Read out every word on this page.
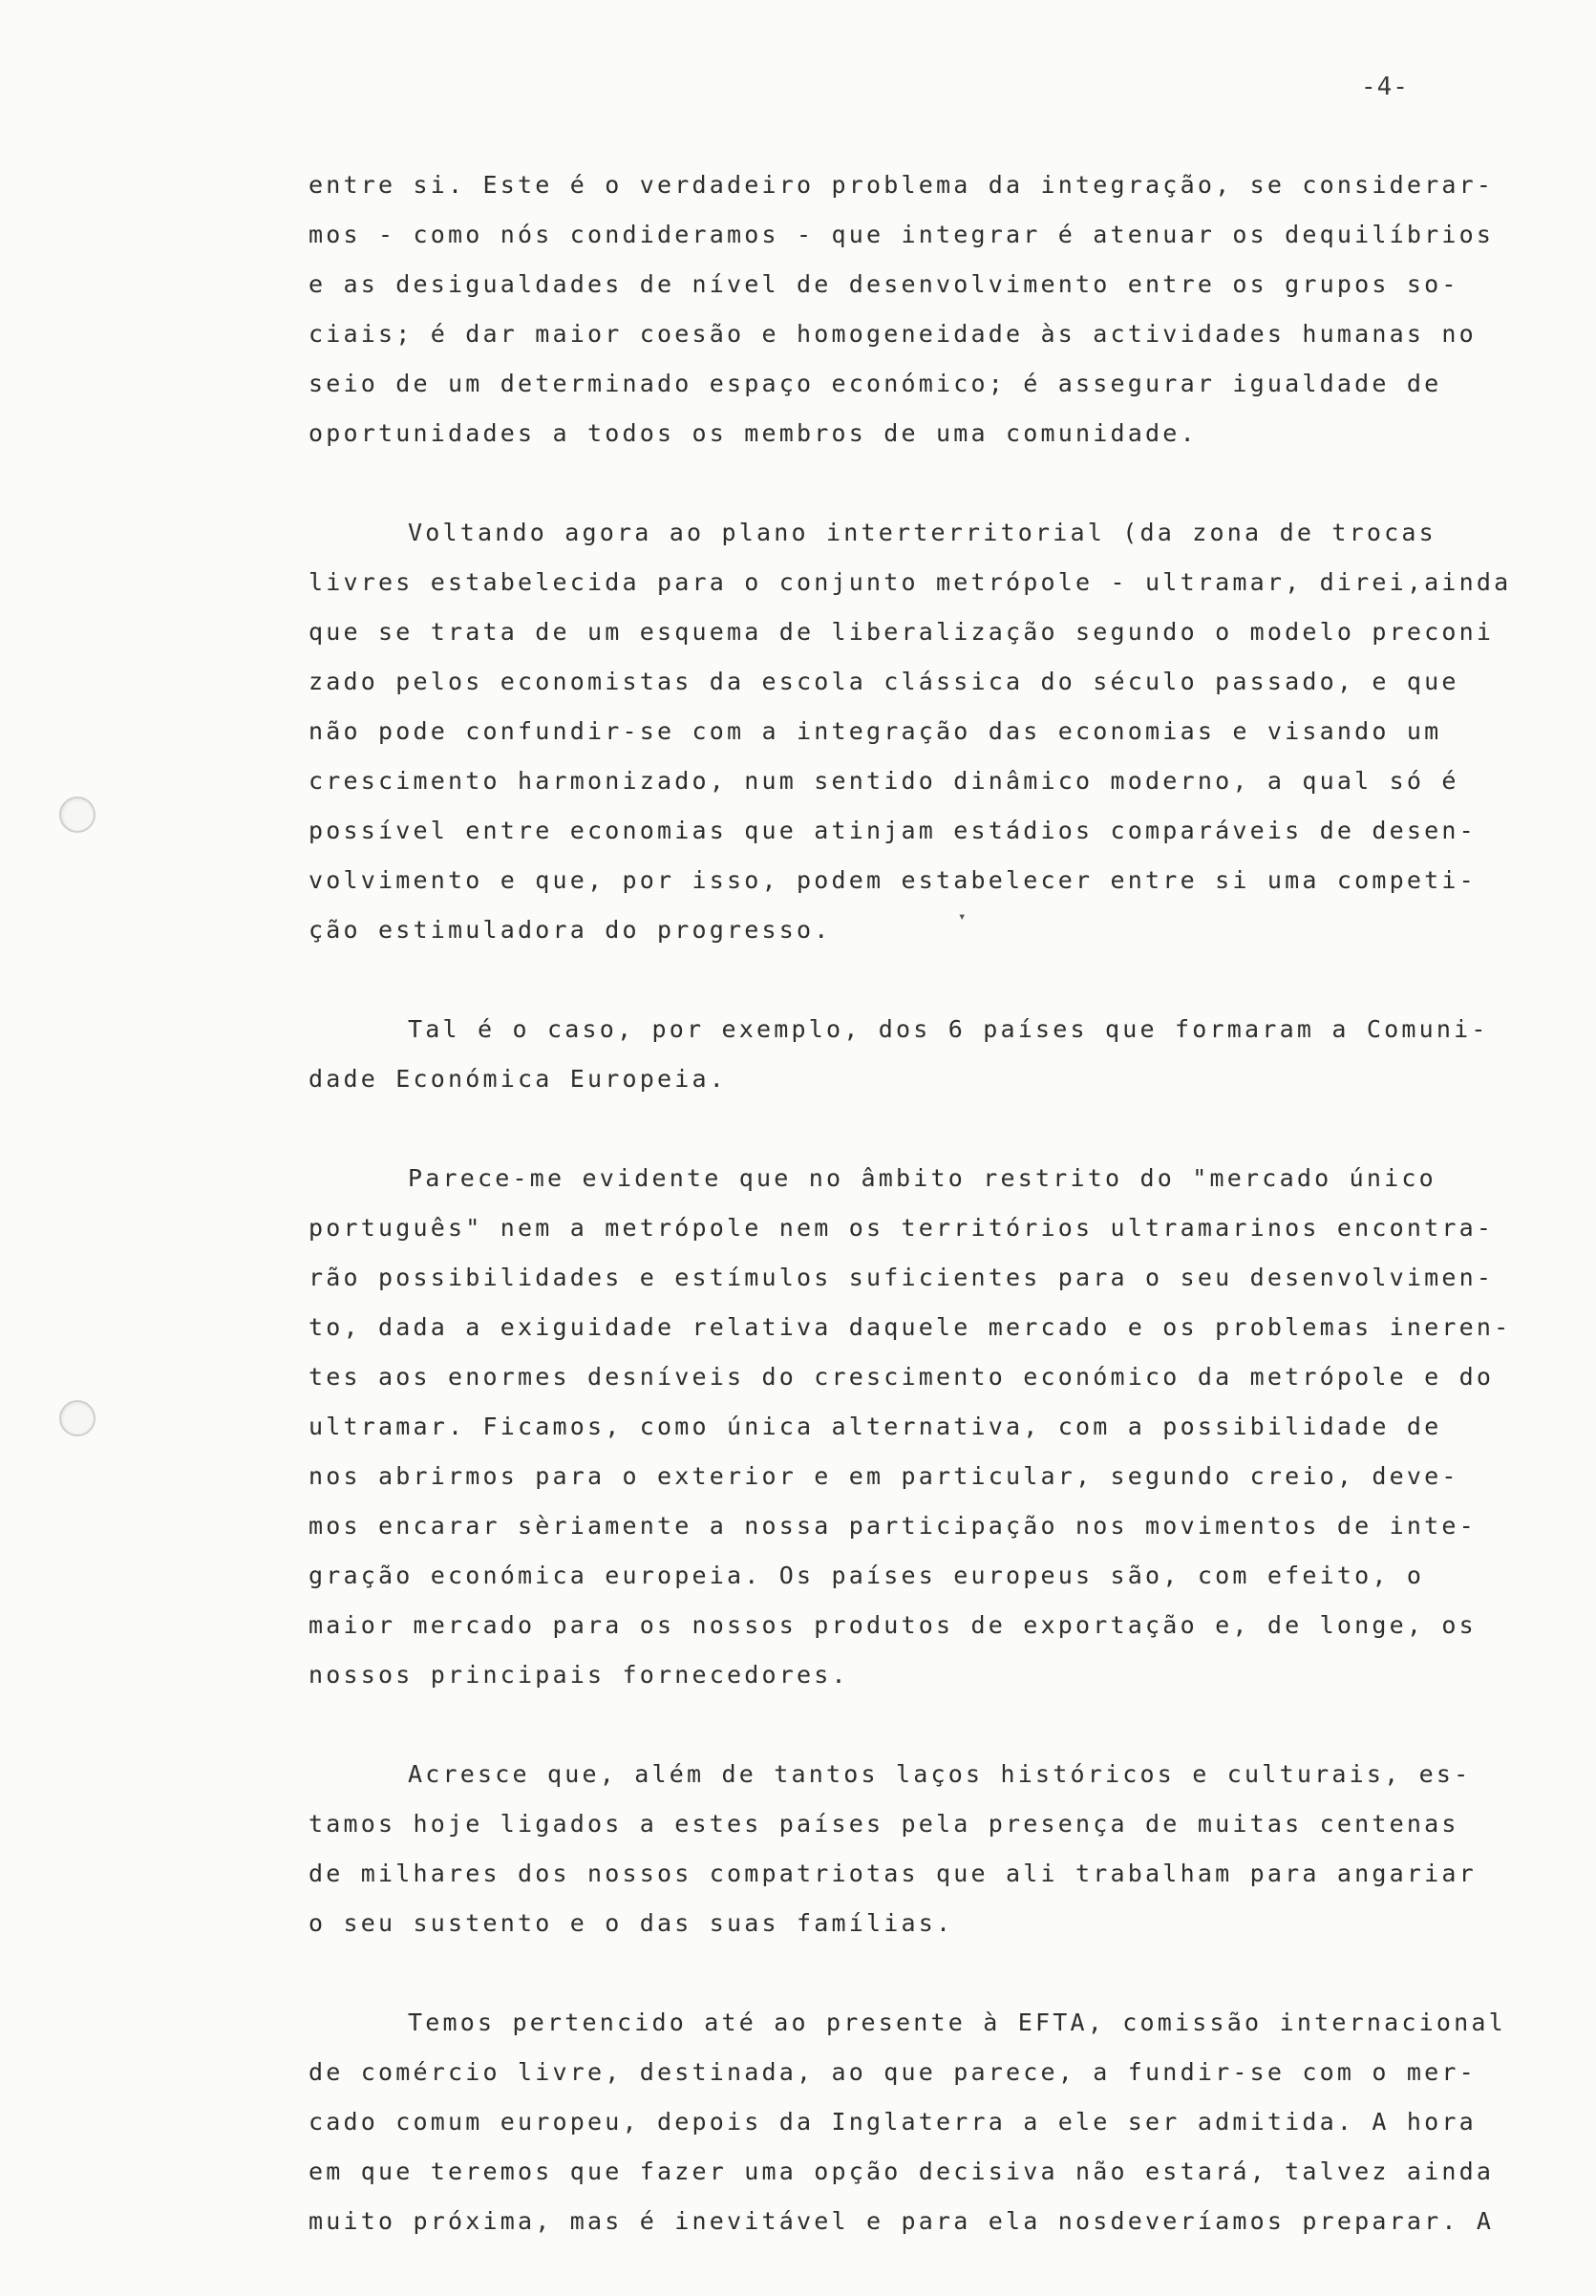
-4-
▾
entre si. Este é o verdadeiro problema da integração, se considerar-
mos - como nós condideramos - que integrar é atenuar os dequilíbrios
e as desigualdades de nível de desenvolvimento entre os grupos so-
ciais; é dar maior coesão e homogeneidade às actividades humanas no
seio de um determinado espaço económico; é assegurar igualdade de
oportunidades a todos os membros de uma comunidade.
Voltando agora ao plano interterritorial (da zona de trocas
livres estabelecida para o conjunto metrópole - ultramar, direi,ainda
que se trata de um esquema de liberalização segundo o modelo preconi
zado pelos economistas da escola clássica do século passado, e que
não pode confundir-se com a integração das economias e visando um
crescimento harmonizado, num sentido dinâmico moderno, a qual só é
possível entre economias que atinjam estádios comparáveis de desen-
volvimento e que, por isso, podem estabelecer entre si uma competi-
ção estimuladora do progresso.
Tal é o caso, por exemplo, dos 6 países que formaram a Comuni-
dade Económica Europeia.
Parece-me evidente que no âmbito restrito do "mercado único
português" nem a metrópole nem os territórios ultramarinos encontra-
rão possibilidades e estímulos suficientes para o seu desenvolvimen-
to, dada a exiguidade relativa daquele mercado e os problemas ineren-
tes aos enormes desníveis do crescimento económico da metrópole e do
ultramar. Ficamos, como única alternativa, com a possibilidade de
nos abrirmos para o exterior e em particular, segundo creio, deve-
mos encarar sèriamente a nossa participação nos movimentos de inte-
gração económica europeia. Os países europeus são, com efeito, o
maior mercado para os nossos produtos de exportação e, de longe, os
nossos principais fornecedores.
Acresce que, além de tantos laços históricos e culturais, es-
tamos hoje ligados a estes países pela presença de muitas centenas
de milhares dos nossos compatriotas que ali trabalham para angariar
o seu sustento e o das suas famílias.
Temos pertencido até ao presente à EFTA, comissão internacional
de comércio livre, destinada, ao que parece, a fundir-se com o mer-
cado comum europeu, depois da Inglaterra a ele ser admitida. A hora
em que teremos que fazer uma opção decisiva não estará, talvez ainda
muito próxima, mas é inevitável e para ela nosdeveríamos preparar. A
